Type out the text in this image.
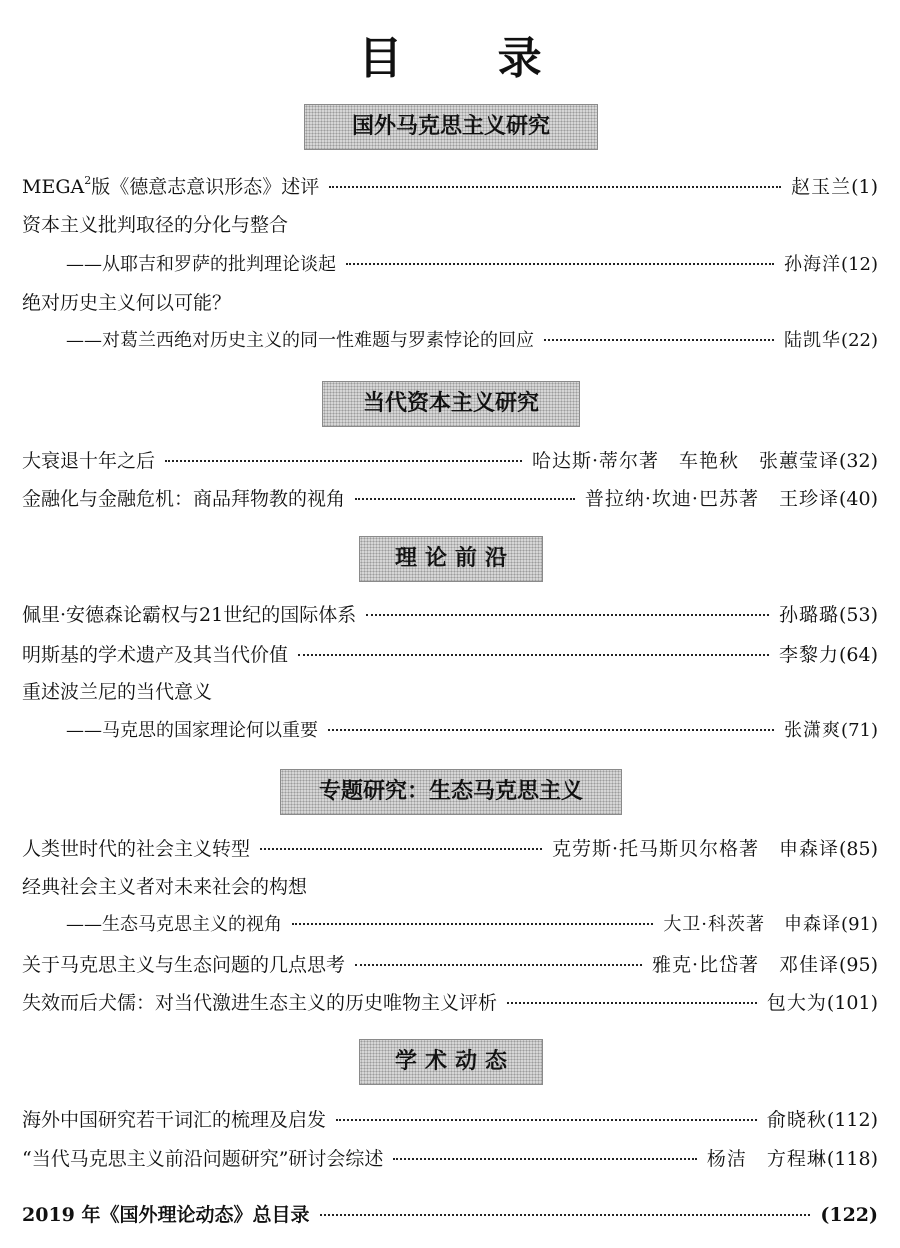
目 录
国外马克思主义研究
MEGA$^2$版《德意志意识形态》述评	赵玉兰 (1)
资本主义批判取径的分化与整合
——从耶吉和罗萨的批判理论谈起	孙海洋 (12)
绝对历史主义何以可能？
——对葛兰西绝对历史主义的同一性难题与罗素悖论的回应	陆凯华 (22)
当代资本主义研究
大衰退十年之后	哈达斯·蒂尔著　车艳秋　张蕙莹译 (32)
金融化与金融危机：商品拜物教的视角	普拉纳·坎迪·巴苏著　王珍译 (40)
理论前沿
佩里·安德森论霸权与21世纪的国际体系	孙璐璐 (53)
明斯基的学术遗产及其当代价值	李黎力 (64)
重述波兰尼的当代意义
——马克思的国家理论何以重要	张潇爽 (71)
专题研究：生态马克思主义
人类世时代的社会主义转型	克劳斯·托马斯贝尔格著　申森译 (85)
经典社会主义者对未来社会的构想
——生态马克思主义的视角	大卫·科茨著　申森译 (91)
关于马克思主义与生态问题的几点思考	雅克·比岱著　邓佳译 (95)
失效而后犬儒：对当代激进生态主义的历史唯物主义评析	包大为 (101)
学术动态
海外中国研究若干词汇的梳理及启发	俞晓秋 (112)
“当代马克思主义前沿问题研究”研讨会综述	杨洁　方程琳 (118)
2019 年《国外理论动态》总目录	(122)
